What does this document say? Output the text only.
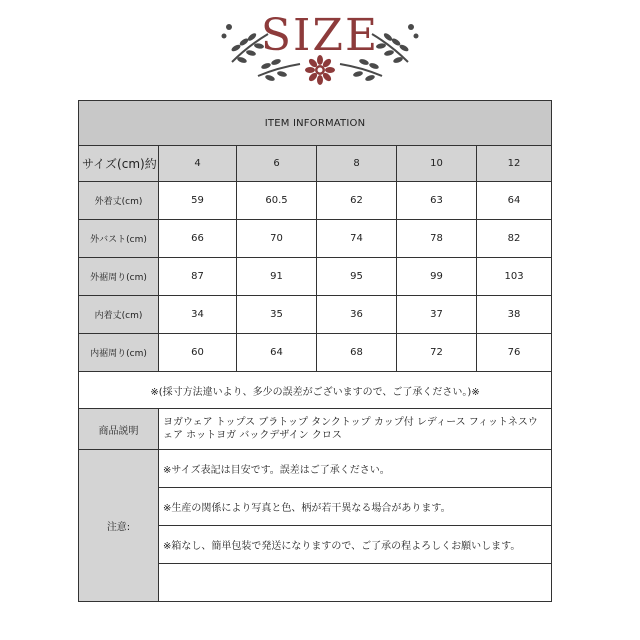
SIZE
ITEM INFORMATION					
サイズ(cm)約	4	6	8	10	12
外着丈(cm)	59	60.5	62	63	64
外バスト(cm)	66	70	74	78	82
外裾周り(cm)	87	91	95	99	103
内着丈(cm)	34	35	36	37	38
内裾周り(cm)	60	64	68	72	76
※(採寸方法違いより、多少の誤差がございますので、ご了承ください。)※					
商品説明	ヨガウェア トップス ブラトップ タンクトップ カップ付 レディース フィットネスウェア ホットヨガ バックデザイン クロス				
注意:	※サイズ表記は目安です。誤差はご了承ください。				
	※生産の関係により写真と色、柄が若干異なる場合があります。				
	※箱なし、簡単包装で発送になりますので、ご了承の程よろしくお願いします。				
